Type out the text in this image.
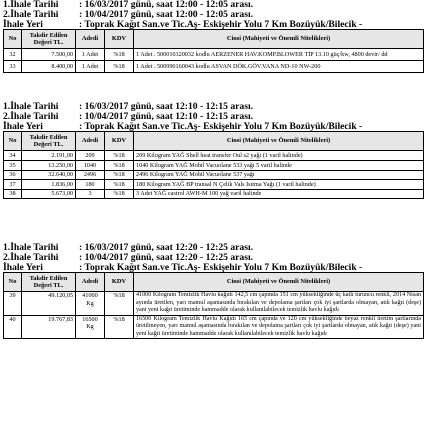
1.İhale Tarihi	: 16/03/2017 günü, saat 12:00 - 12:05 arası.
2.İhale Tarihi	: 10/04/2017 günü, saat 12:00 - 12:05 arası.
İhale Yeri	: Toprak Kağıt San.ve Tic.Aş- Eskişehir Yolu 7 Km Bozüyük/Bilecik -
No	Takdir Edilen Değeri TL.	Adedi	KDV	Cinsi (Mahiyeti ve Önemli Nitelikleri)
32	7.500,00	1 Adet	%18	1 Adet . 500010320032 kodlu AERZENER HAV.KOMP.BLOWER TİP 13.10 güç/kw, 4800 devir/ dd
33	8.400,00	1 Adet	%18	1 Adet . 500990160043 kodlu ASVAN DÖK.GÖV.VANA ND-10 NW-200
1.İhale Tarihi	: 16/03/2017 günü, saat 12:10 - 12:15 arası.
2.İhale Tarihi	: 10/04/2017 günü, saat 12:10 - 12:15 arası.
İhale Yeri	: Toprak Kağıt San.ve Tic.Aş- Eskişehir Yolu 7 Km Bozüyük/Bilecik -
No	Takdir Edilen Değeri TL.	Adedi	KDV	Cinsi (Mahiyeti ve Önemli Nitelikleri)
34	2.191,00	209	%18	209 Kilogram YAĞ Shell heat transfer Oul s2 yağı (1 varil halinde)
35	13.250,00	1040	%18	1040 Kilogram YAĞ Mobil Vacuolane 533 yağı 5 varil halinde
36	32.640,00	2496	%18	2496 Kilogram YAĞ Mobil Vacuolane 537 yağı
37	1.836,00	180	%18	180 Kilogram YAĞ BP transal N Çelik Vals Isıtma Yağı (1 varil halinde)
38	5.673,00	3	%18	3 Adet YAĞ castrol AWH-M 100 yağ varil halinde
1.İhale Tarihi	: 16/03/2017 günü, saat 12:20 - 12:25 arası.
2.İhale Tarihi	: 10/04/2017 günü, saat 12:20 - 12:25 arası.
İhale Yeri	: Toprak Kağıt San.ve Tic.Aş- Eskişehir Yolu 7 Km Bozüyük/Bilecik -
No	Takdir Edilen Değeri TL.	Adedi	KDV	Cinsi (Mahiyeti ve Önemli Nitelikleri)
39	49.120,05	41000 Kg	%18	41000 Kilogram Temizlik Havlu kağıdı 142,5 cm çapında 151 cm yüksekliğinde üç katlı turuncu renkli, 2014 Nisan ayında üretilen, yarı mamul aşamasında bırakılan ve depolama şartları çok iyi şartlarda olmayan, atık kağıt (deşe) yani yeni kağıt üretiminde hammadde olarak kullanılabilecek temizlik havlu kağıdı
40	19.767,83	16500 Kg	%18	16500 Kilogram Temizlik Havlu Kağıdı 165 cm çapında ve 120 cm yüksekliğinde beyaz renkli üretim şartlarında üretilmeyen, yarı mamul aşamasında bırakılan ve depolama şartları çok iyi şartlarda olmayan, atık kağıt (deşe) yani yeni kağıt üretiminde hammadde olarak kullanılabilecek temizlik havlu kağıdı
